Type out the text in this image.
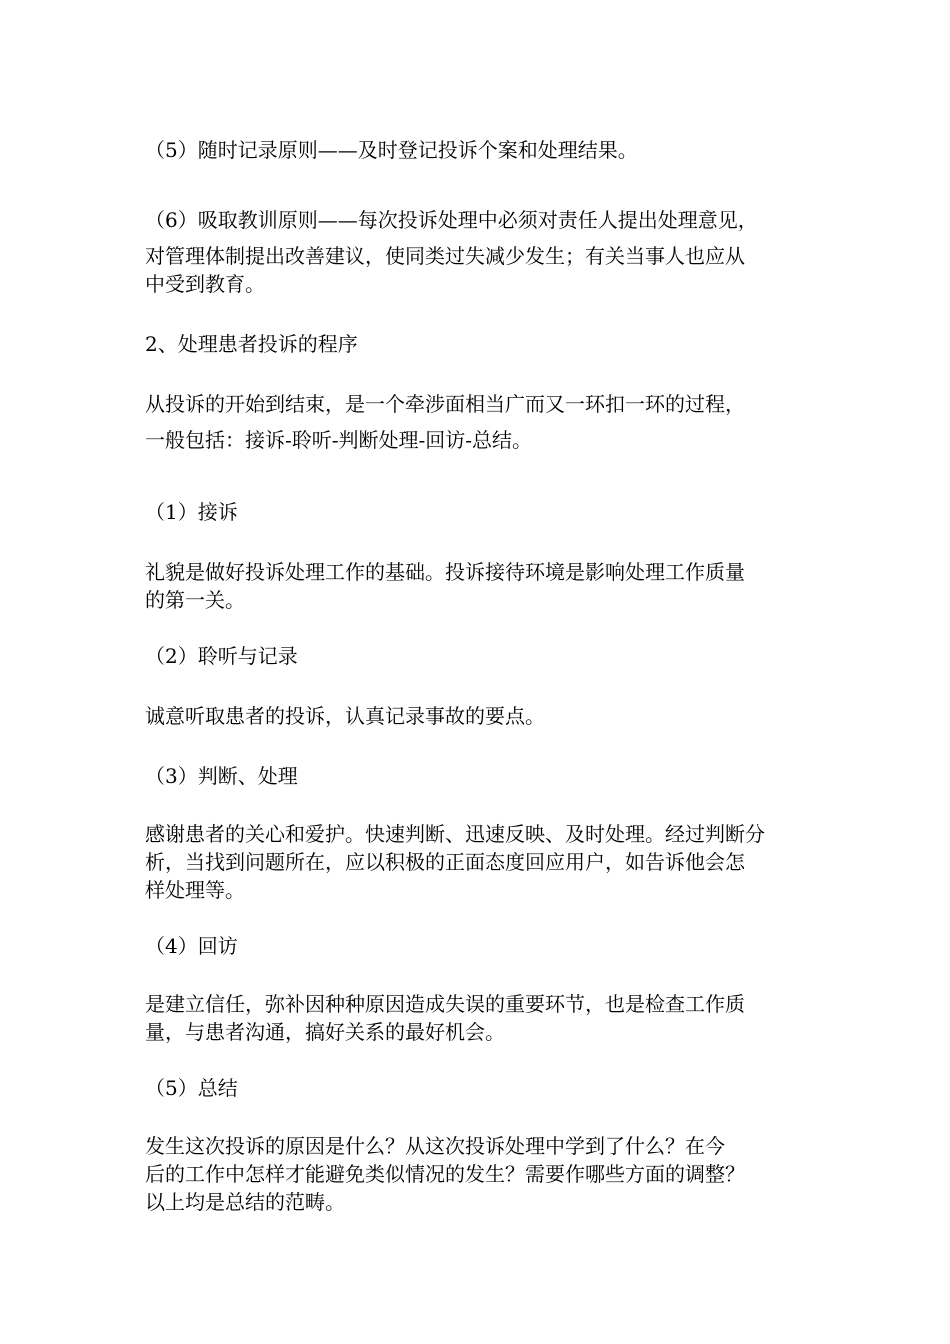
（5）随时记录原则——及时登记投诉个案和处理结果。
（6）吸取教训原则——每次投诉处理中必须对责任人提出处理意见，
对管理体制提出改善建议，使同类过失减少发生；有关当事人也应从
中受到教育。
2、处理患者投诉的程序
从投诉的开始到结束，是一个牵涉面相当广而又一环扣一环的过程，
一般包括：接诉-聆听-判断处理-回访-总结。
（1）接诉
礼貌是做好投诉处理工作的基础。投诉接待环境是影响处理工作质量
的第一关。
（2）聆听与记录
诚意听取患者的投诉，认真记录事故的要点。
（3）判断、处理
感谢患者的关心和爱护。快速判断、迅速反映、及时处理。经过判断分
析，当找到问题所在，应以积极的正面态度回应用户，如告诉他会怎
样处理等。
（4）回访
是建立信任，弥补因种种原因造成失误的重要环节，也是检查工作质
量，与患者沟通，搞好关系的最好机会。
（5）总结
发生这次投诉的原因是什么？从这次投诉处理中学到了什么？在今
后的工作中怎样才能避免类似情况的发生？需要作哪些方面的调整？
以上均是总结的范畴。
